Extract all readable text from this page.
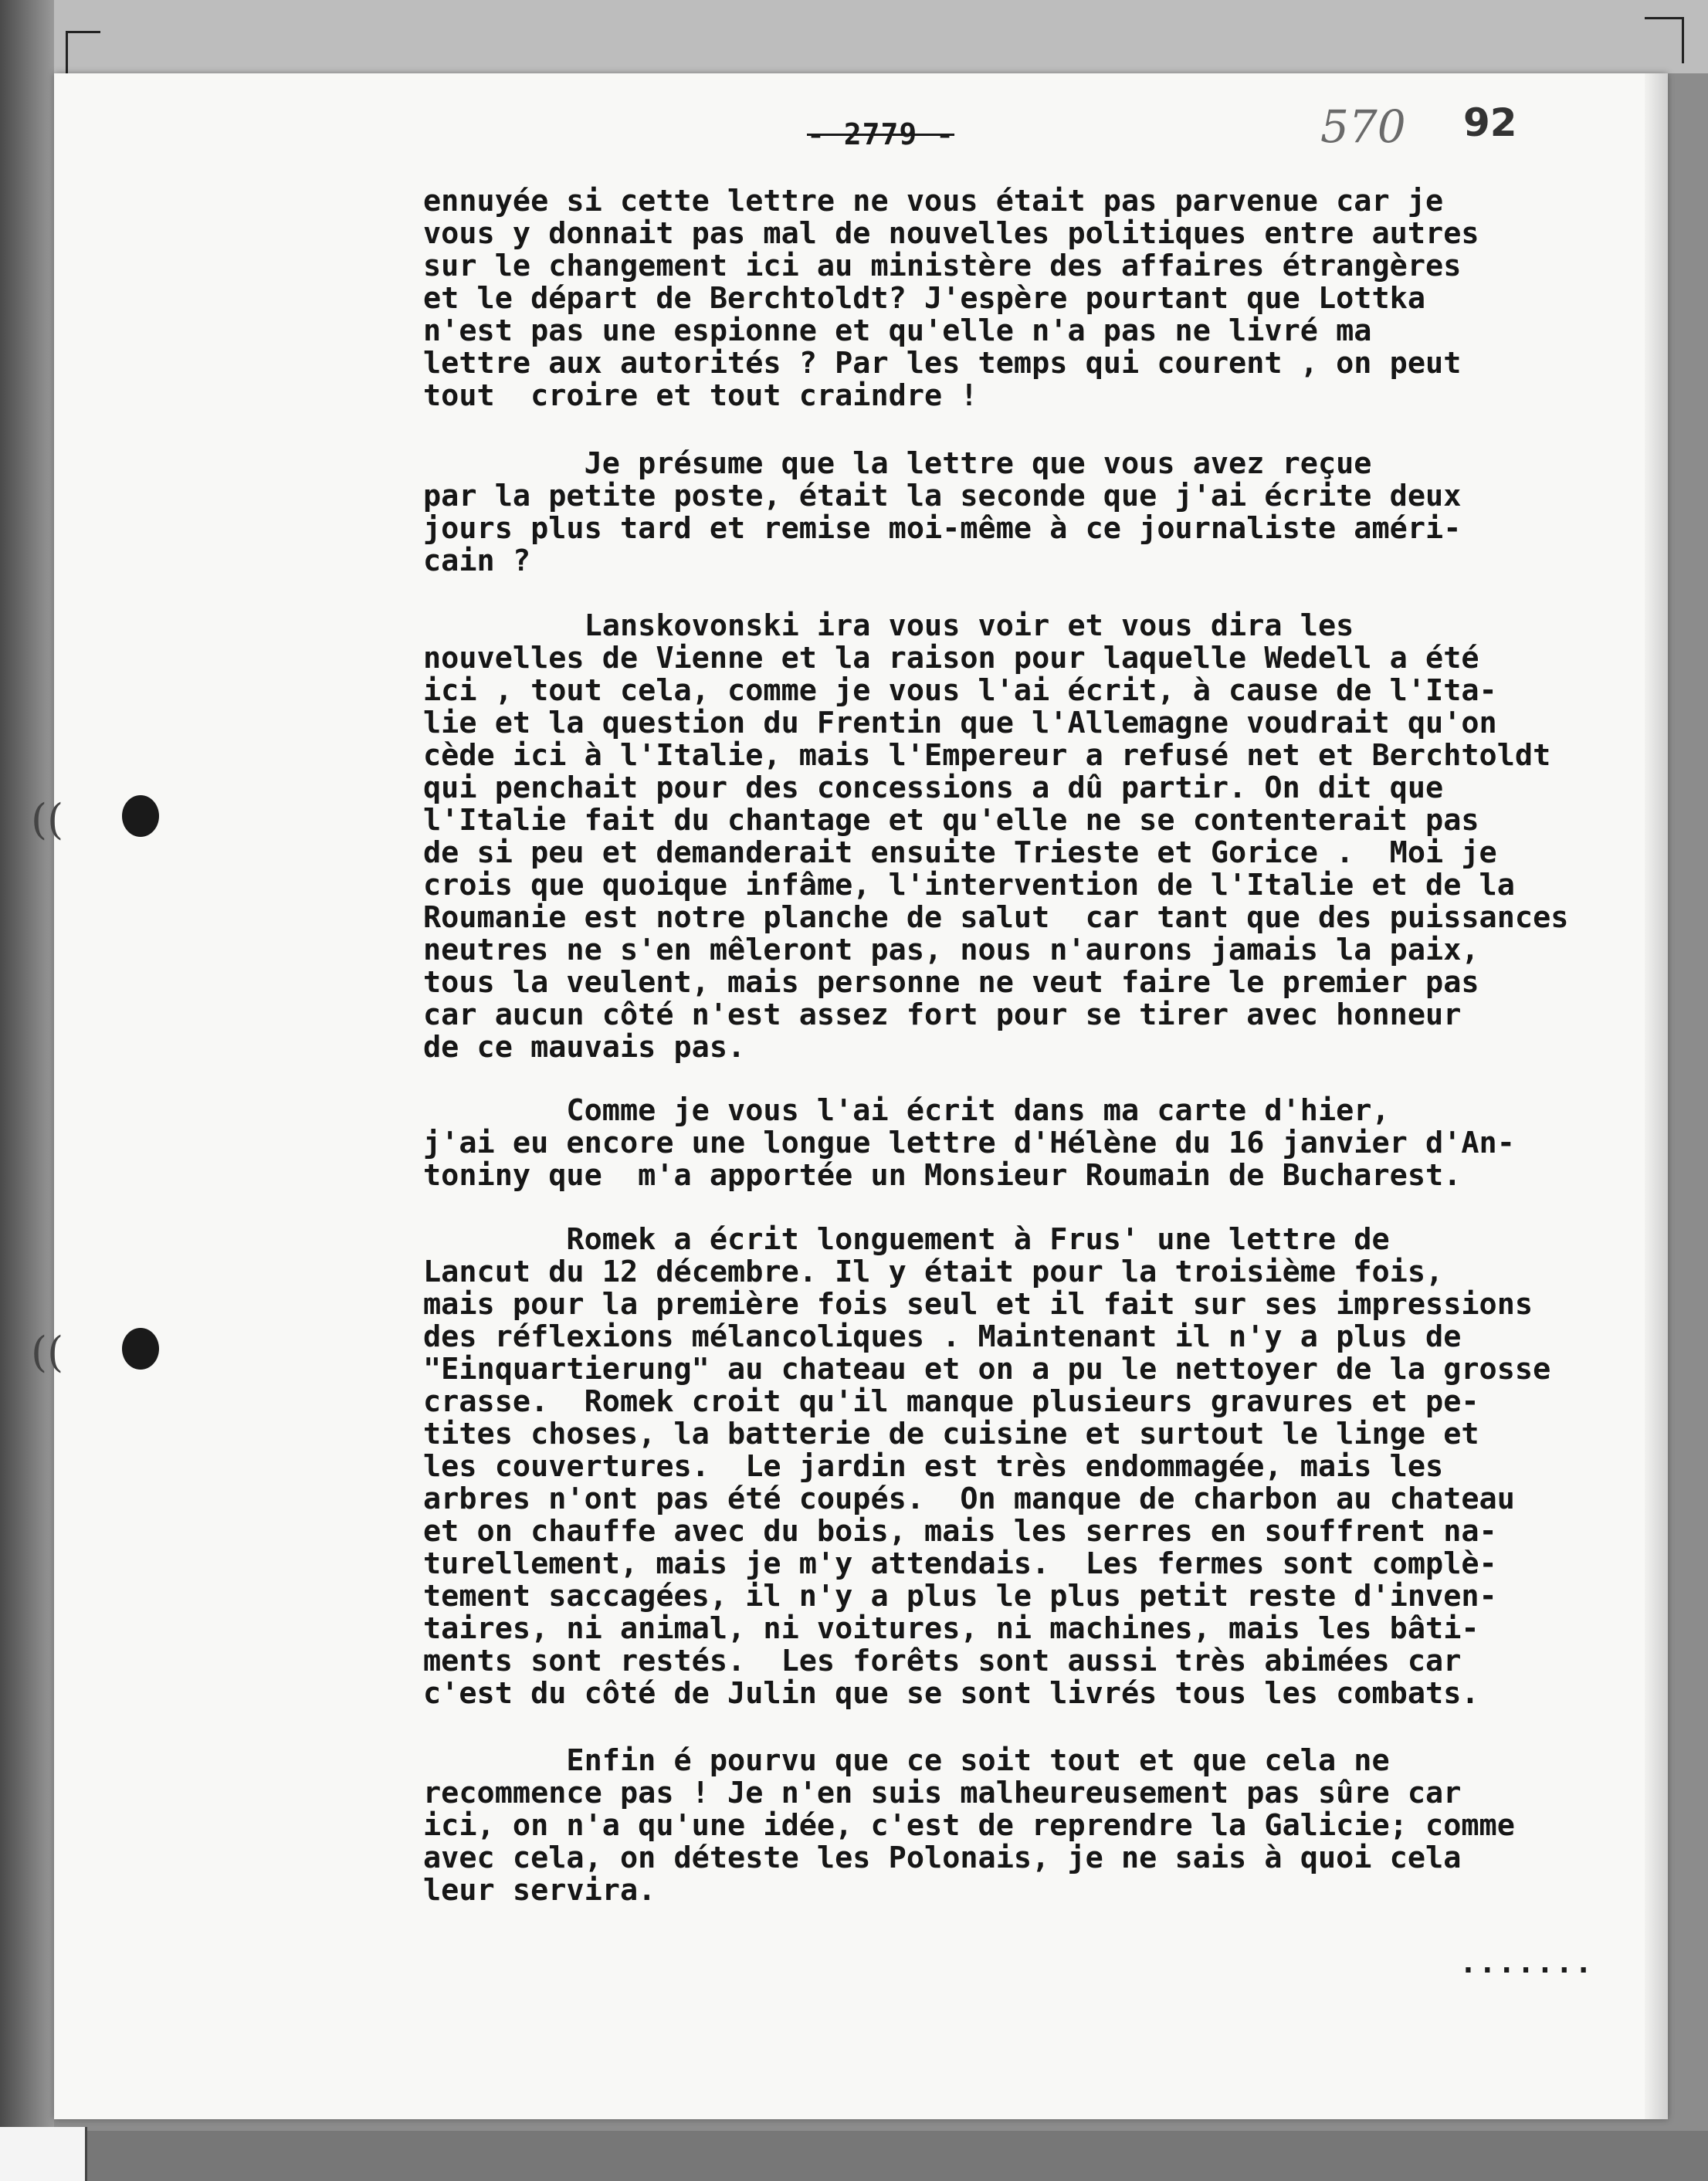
((
((
- 2779 -	570 92
ennuyée si cette lettre ne vous était pas parvenue car je
vous y donnait pas mal de nouvelles politiques entre autres
sur le changement ici au ministère des affaires étrangères
et le départ de Berchtoldt? J'espère pourtant que Lottka
n'est pas une espionne et qu'elle n'a pas ne livré ma
lettre aux autorités ? Par les temps qui courent , on peut
tout  croire et tout craindre !
Je présume que la lettre que vous avez reçue
par la petite poste, était la seconde que j'ai écrite deux
jours plus tard et remise moi-même à ce journaliste améri-
cain ?
Lanskovonski ira vous voir et vous dira les
nouvelles de Vienne et la raison pour laquelle Wedell a été
ici , tout cela, comme je vous l'ai écrit, à cause de l'Ita-
lie et la question du Frentin que l'Allemagne voudrait qu'on
cède ici à l'Italie, mais l'Empereur a refusé net et Berchtoldt
qui penchait pour des concessions a dû partir. On dit que
l'Italie fait du chantage et qu'elle ne se contenterait pas
de si peu et demanderait ensuite Trieste et Gorice .  Moi je
crois que quoique infâme, l'intervention de l'Italie et de la
Roumanie est notre planche de salut  car tant que des puissances
neutres ne s'en mêleront pas, nous n'aurons jamais la paix,
tous la veulent, mais personne ne veut faire le premier pas
car aucun côté n'est assez fort pour se tirer avec honneur
de ce mauvais pas.
Comme je vous l'ai écrit dans ma carte d'hier,
j'ai eu encore une longue lettre d'Hélène du 16 janvier d'An-
toniny que  m'a apportée un Monsieur Roumain de Bucharest.
Romek a écrit longuement à Frus' une lettre de
Lancut du 12 décembre. Il y était pour la troisième fois,
mais pour la première fois seul et il fait sur ses impressions
des réflexions mélancoliques . Maintenant il n'y a plus de
"Einquartierung" au chateau et on a pu le nettoyer de la grosse
crasse.  Romek croit qu'il manque plusieurs gravures et pe-
tites choses, la batterie de cuisine et surtout le linge et
les couvertures.  Le jardin est très endommagée, mais les
arbres n'ont pas été coupés.  On manque de charbon au chateau
et on chauffe avec du bois, mais les serres en souffrent na-
turellement, mais je m'y attendais.  Les fermes sont complè-
tement saccagées, il n'y a plus le plus petit reste d'inven-
taires, ni animal, ni voitures, ni machines, mais les bâti-
ments sont restés.  Les forêts sont aussi très abimées car
c'est du côté de Julin que se sont livrés tous les combats.
Enfin é pourvu que ce soit tout et que cela ne
recommence pas ! Je n'en suis malheureusement pas sûre car
ici, on n'a qu'une idée, c'est de reprendre la Galicie; comme
avec cela, on déteste les Polonais, je ne sais à quoi cela
leur servira.
.......
